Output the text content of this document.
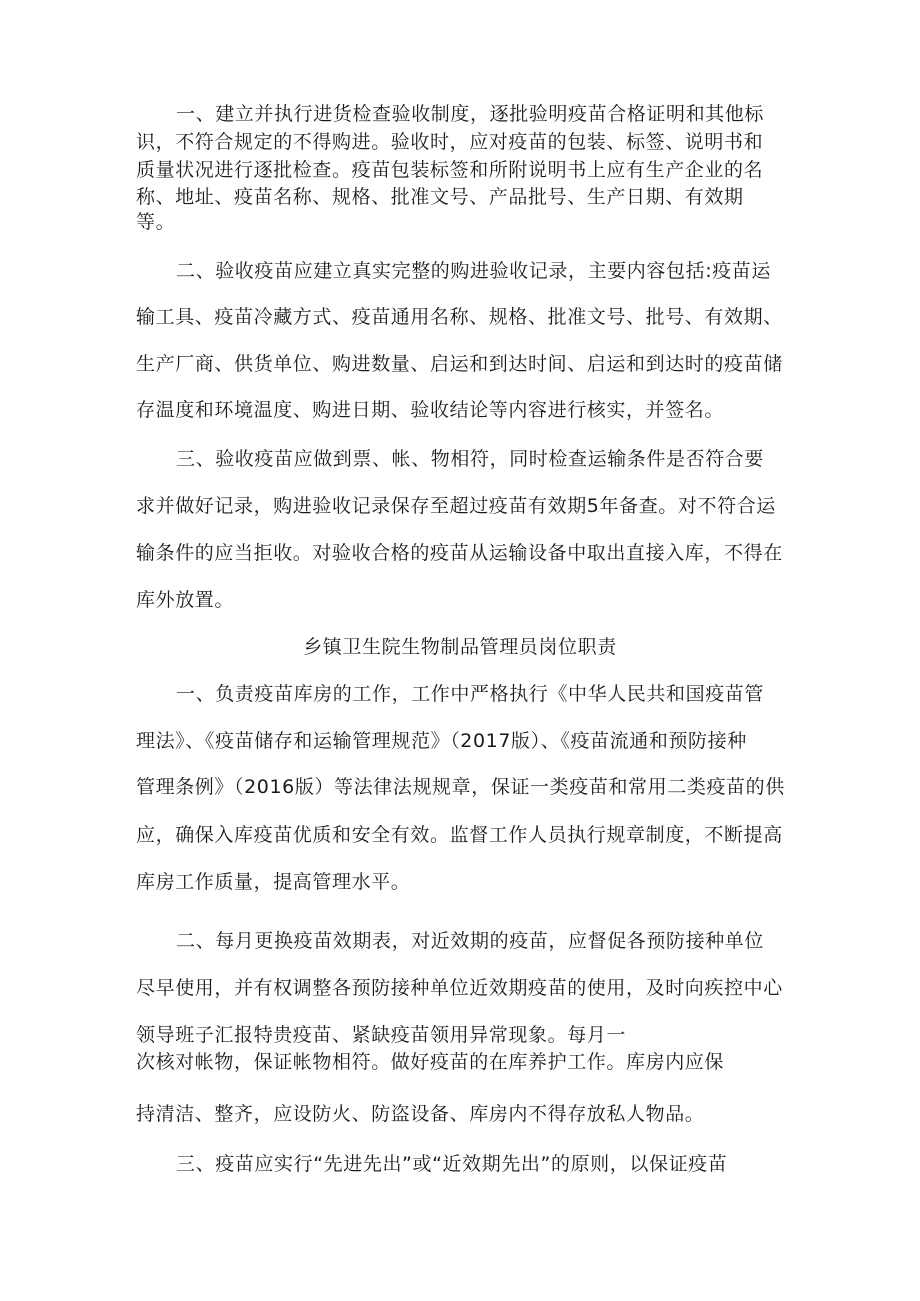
一、建立并执行进货检查验收制度，逐批验明疫苗合格证明和其他标
识，不符合规定的不得购进。验收时，应对疫苗的包装、标签、说明书和
质量状况进行逐批检查。疫苗包装标签和所附说明书上应有生产企业的名
称、地址、疫苗名称、规格、批准文号、产品批号、生产日期、有效期
等。
二、验收疫苗应建立真实完整的购进验收记录，主要内容包括:疫苗运
输工具、疫苗冷藏方式、疫苗通用名称、规格、批准文号、批号、有效期、
生产厂商、供货单位、购进数量、启运和到达时间、启运和到达时的疫苗储
存温度和环境温度、购进日期、验收结论等内容进行核实，并签名。
三、验收疫苗应做到票、帐、物相符，同时检查运输条件是否符合要
求并做好记录，购进验收记录保存至超过疫苗有效期5年备查。对不符合运
输条件的应当拒收。对验收合格的疫苗从运输设备中取出直接入库，不得在
库外放置。
乡镇卫生院生物制品管理员岗位职责
一、负责疫苗库房的工作，工作中严格执行《中华人民共和国疫苗管
理法》、《疫苗储存和运输管理规范》（2017版）、《疫苗流通和预防接种
管理条例》（2016版）等法律法规规章，保证一类疫苗和常用二类疫苗的供
应，确保入库疫苗优质和安全有效。监督工作人员执行规章制度，不断提高
库房工作质量，提高管理水平。
二、每月更换疫苗效期表，对近效期的疫苗，应督促各预防接种单位
尽早使用，并有权调整各预防接种单位近效期疫苗的使用，及时向疾控中心
领导班子汇报特贵疫苗、紧缺疫苗领用异常现象。每月一
次核对帐物，保证帐物相符。做好疫苗的在库养护工作。库房内应保
持清洁、整齐，应设防火、防盗设备、库房内不得存放私人物品。
三、疫苗应实行“先进先出”或“近效期先出”的原则，以保证疫苗
